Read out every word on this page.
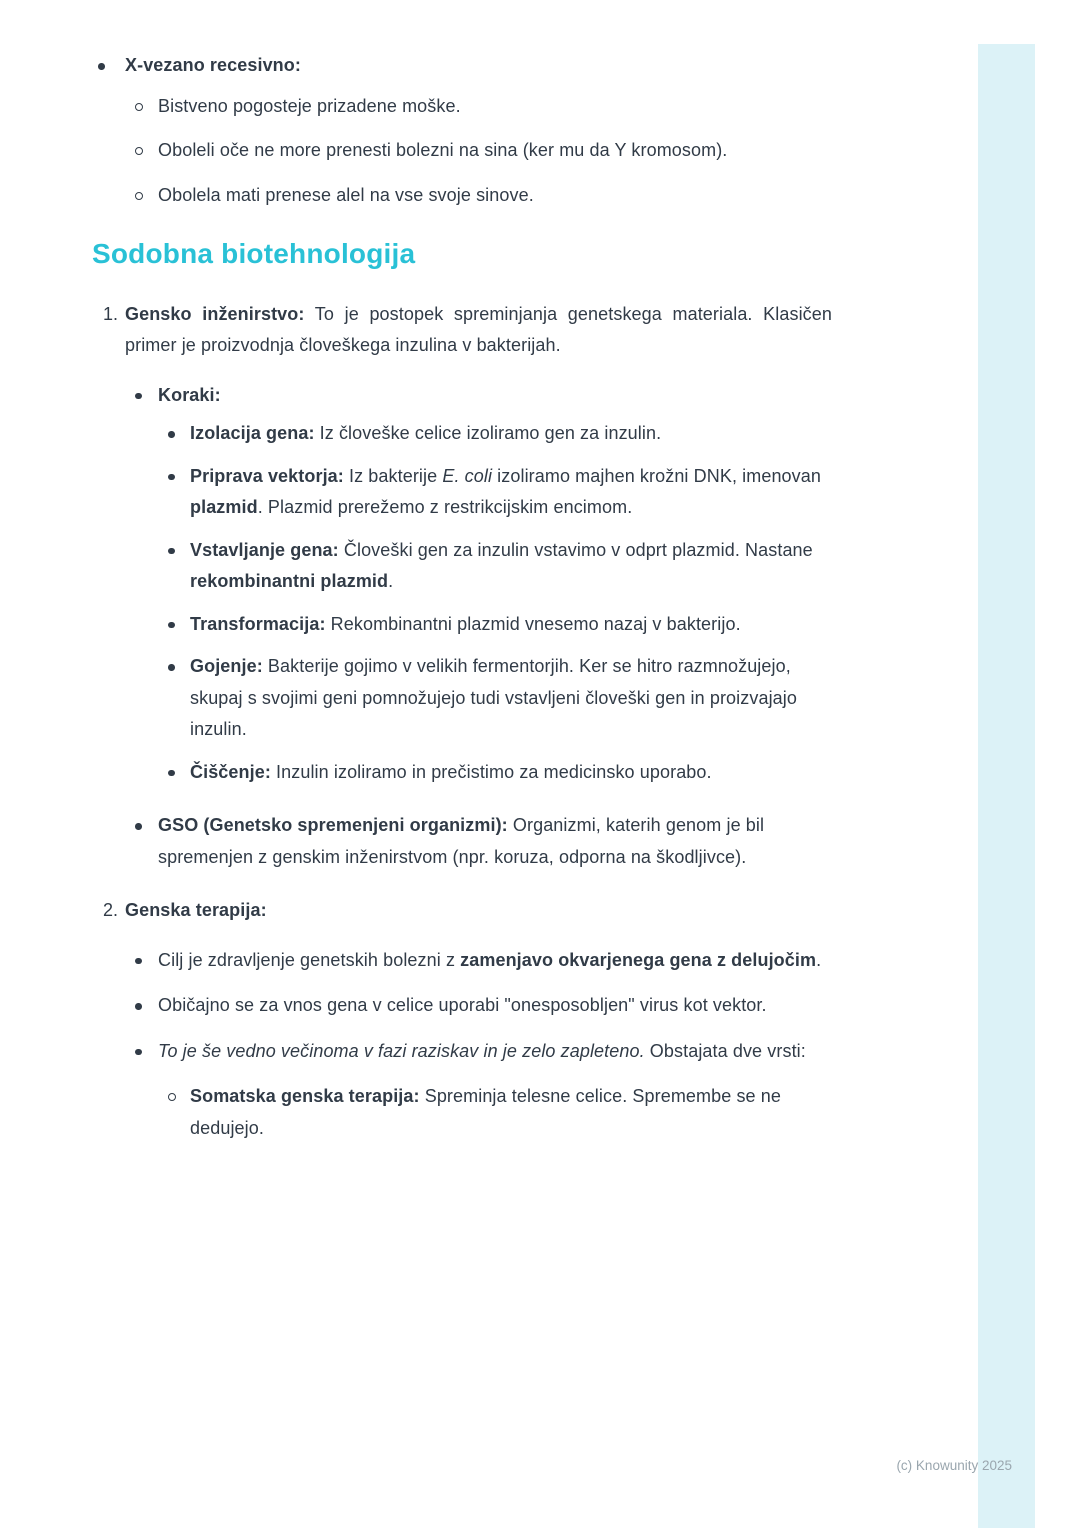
X-vezano recesivno:
Bistveno pogosteje prizadene moške.
Oboleli oče ne more prenesti bolezni na sina (ker mu da Y kromosom).
Obolela mati prenese alel na vse svoje sinove.
Sodobna biotehnologija
1. Gensko inženirstvo: To je postopek spreminjanja genetskega materiala. Klasičen primer je proizvodnja človeškega inzulina v bakterijah.
Koraki:
Izolacija gena: Iz človeške celice izoliramo gen za inzulin.
Priprava vektorja: Iz bakterije E. coli izoliramo majhen krožni DNK, imenovan plazmid. Plazmid prerežemo z restrikcijskim encimom.
Vstavljanje gena: Človeški gen za inzulin vstavimo v odprt plazmid. Nastane rekombinantni plazmid.
Transformacija: Rekombinantni plazmid vnesemo nazaj v bakterijo.
Gojenje: Bakterije gojimo v velikih fermentorjih. Ker se hitro razmnožujejo, skupaj s svojimi geni pomnožujejo tudi vstavljeni človeški gen in proizvajajo inzulin.
Čiščenje: Inzulin izoliramo in prečistimo za medicinsko uporabo.
GSO (Genetsko spremenjeni organizmi): Organizmi, katerih genom je bil spremenjen z genskim inženirstvom (npr. koruza, odporna na škodljivce).
2. Genska terapija:
Cilj je zdravljenje genetskih bolezni z zamenjavo okvarjenega gena z delujočim.
Običajno se za vnos gena v celice uporabi "onesposobljen" virus kot vektor.
To je še vedno večinoma v fazi raziskav in je zelo zapleteno. Obstajata dve vrsti:
Somatska genska terapija: Spreminja telesne celice. Spremembe se ne dedujejo.
(c) Knowunity 2025
